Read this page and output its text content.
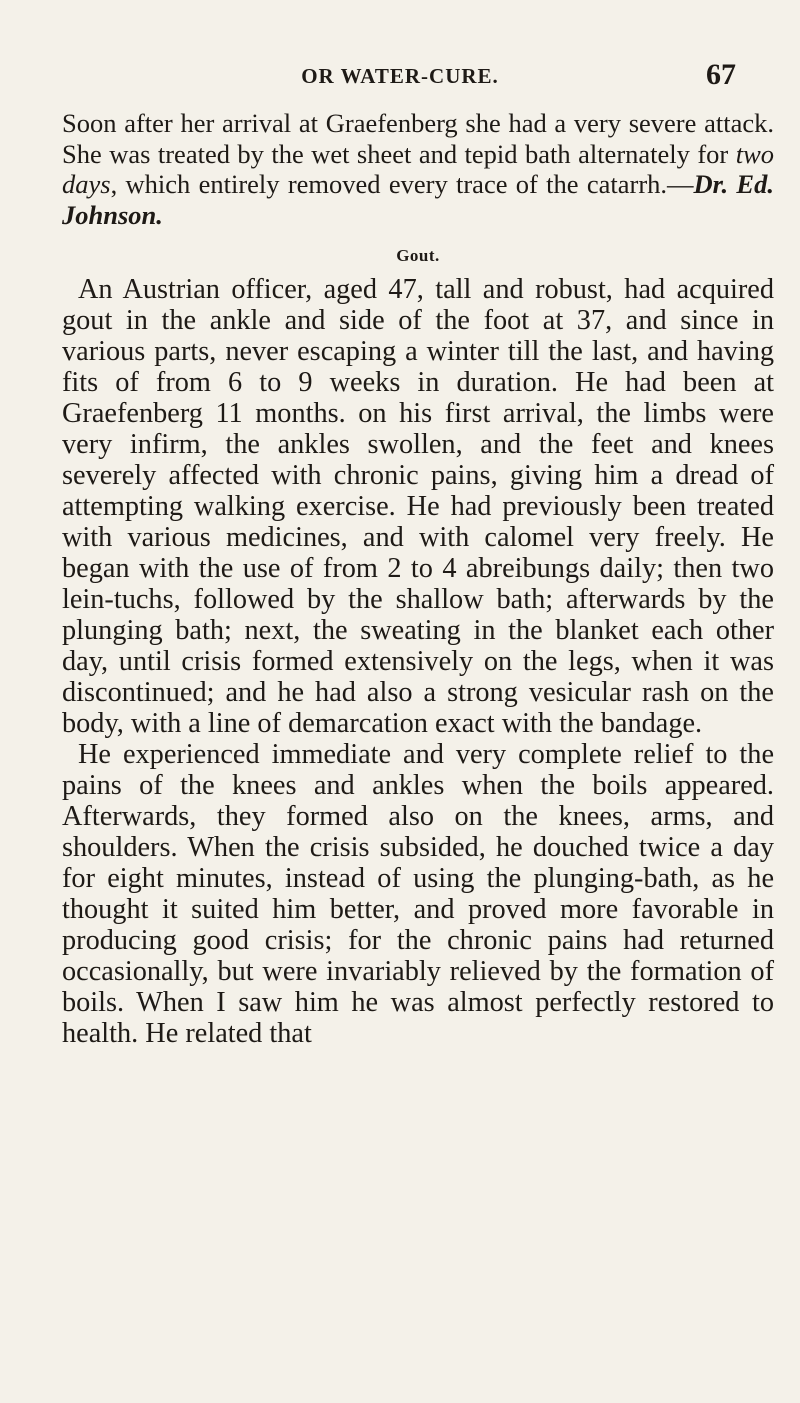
OR WATER-CURE.	67

Soon after her arrival at Graefenberg she had a very severe attack. She was treated by the wet sheet and tepid bath alternately for two days, which entirely removed every trace of the catarrh.—Dr. Ed. Johnson.

Gout.

An Austrian officer, aged 47, tall and robust, had acquired gout in the ankle and side of the foot at 37, and since in various parts, never escaping a winter till the last, and having fits of from 6 to 9 weeks in duration. He had been at Graefenberg 11 months. on his first arrival, the limbs were very infirm, the ankles swollen, and the feet and knees severely affected with chronic pains, giving him a dread of attempting walking exercise. He had previously been treated with various medicines, and with calomel very freely. He began with the use of from 2 to 4 abreibungs daily; then two lein-tuchs, followed by the shallow bath; afterwards by the plunging bath; next, the sweating in the blanket each other day, until crisis formed extensively on the legs, when it was discontinued; and he had also a strong vesicular rash on the body, with a line of demarcation exact with the bandage.

He experienced immediate and very complete relief to the pains of the knees and ankles when the boils appeared. Afterwards, they formed also on the knees, arms, and shoulders. When the crisis subsided, he douched twice a day for eight minutes, instead of using the plunging-bath, as he thought it suited him better, and proved more favorable in producing good crisis; for the chronic pains had returned occasionally, but were invariably relieved by the formation of boils. When I saw him he was almost perfectly restored to health. He related that
